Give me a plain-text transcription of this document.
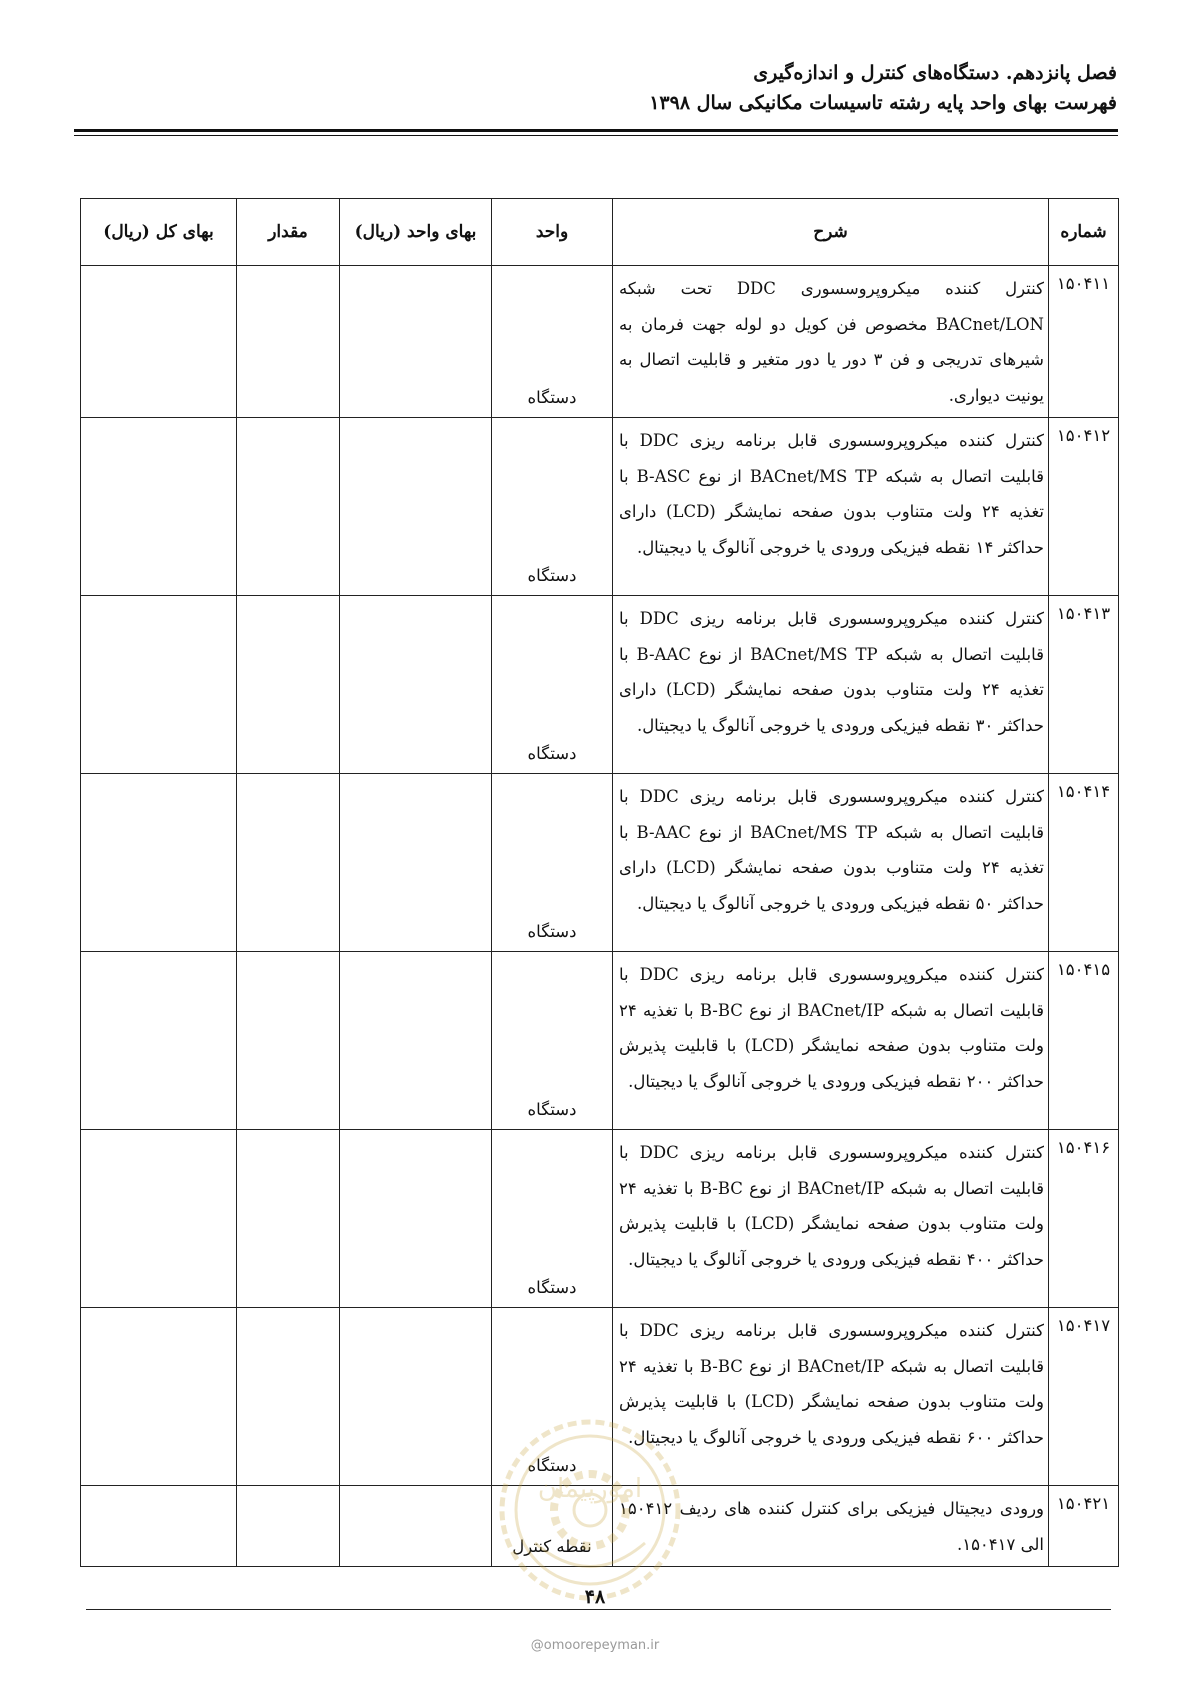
فصل پانزدهم. دستگاه‌های کنترل و اندازه‌گیری
فهرست بهای واحد پایه رشته تاسیسات مکانیکی سال ۱۳۹۸
شماره	شرح	واحد	بهای واحد (ریال)	مقدار	بهای کل (ریال)
۱۵۰۴۱۱	کنترل کننده میکروپروسسوری DDC تحت شبکه BACnet/LON مخصوص فن کویل دو لوله جهت فرمان به شیرهای تدریجی و فن ۳ دور یا دور متغیر و قابلیت اتصال به یونیت دیواری.	دستگاه			
۱۵۰۴۱۲	کنترل کننده میکروپروسسوری قابل برنامه ریزی DDC با قابلیت اتصال به شبکه BACnet/MS TP از نوع B-ASC با تغذیه ۲۴ ولت متناوب بدون صفحه نمایشگر (LCD) دارای حداکثر ۱۴ نقطه فیزیکی ورودی یا خروجی آنالوگ یا دیجیتال.	دستگاه			
۱۵۰۴۱۳	کنترل کننده میکروپروسسوری قابل برنامه ریزی DDC با قابلیت اتصال به شبکه BACnet/MS TP از نوع B-AAC با تغذیه ۲۴ ولت متناوب بدون صفحه نمایشگر (LCD) دارای حداکثر ۳۰ نقطه فیزیکی ورودی یا خروجی آنالوگ یا دیجیتال.	دستگاه			
۱۵۰۴۱۴	کنترل کننده میکروپروسسوری قابل برنامه ریزی DDC با قابلیت اتصال به شبکه BACnet/MS TP از نوع B-AAC با تغذیه ۲۴ ولت متناوب بدون صفحه نمایشگر (LCD) دارای حداکثر ۵۰ نقطه فیزیکی ورودی یا خروجی آنالوگ یا دیجیتال.	دستگاه			
۱۵۰۴۱۵	کنترل کننده میکروپروسسوری قابل برنامه ریزی DDC با قابلیت اتصال به شبکه BACnet/IP از نوع B-BC با تغذیه ۲۴ ولت متناوب بدون صفحه نمایشگر (LCD) با قابلیت پذیرش حداکثر ۲۰۰ نقطه فیزیکی ورودی یا خروجی آنالوگ یا دیجیتال.	دستگاه			
۱۵۰۴۱۶	کنترل کننده میکروپروسسوری قابل برنامه ریزی DDC با قابلیت اتصال به شبکه BACnet/IP از نوع B-BC با تغذیه ۲۴ ولت متناوب بدون صفحه نمایشگر (LCD) با قابلیت پذیرش حداکثر ۴۰۰ نقطه فیزیکی ورودی یا خروجی آنالوگ یا دیجیتال.	دستگاه			
۱۵۰۴۱۷	کنترل کننده میکروپروسسوری قابل برنامه ریزی DDC با قابلیت اتصال به شبکه BACnet/IP از نوع B-BC با تغذیه ۲۴ ولت متناوب بدون صفحه نمایشگر (LCD) با قابلیت پذیرش حداکثر ۶۰۰ نقطه فیزیکی ورودی یا خروجی آنالوگ یا دیجیتال.	دستگاه			
۱۵۰۴۲۱	ورودی دیجیتال فیزیکی برای کنترل کننده های ردیف ۱۵۰۴۱۲ الی ۱۵۰۴۱۷.	نقطه کنترل			
امورپیمان
۴۸
@omoorepeyman.ir
